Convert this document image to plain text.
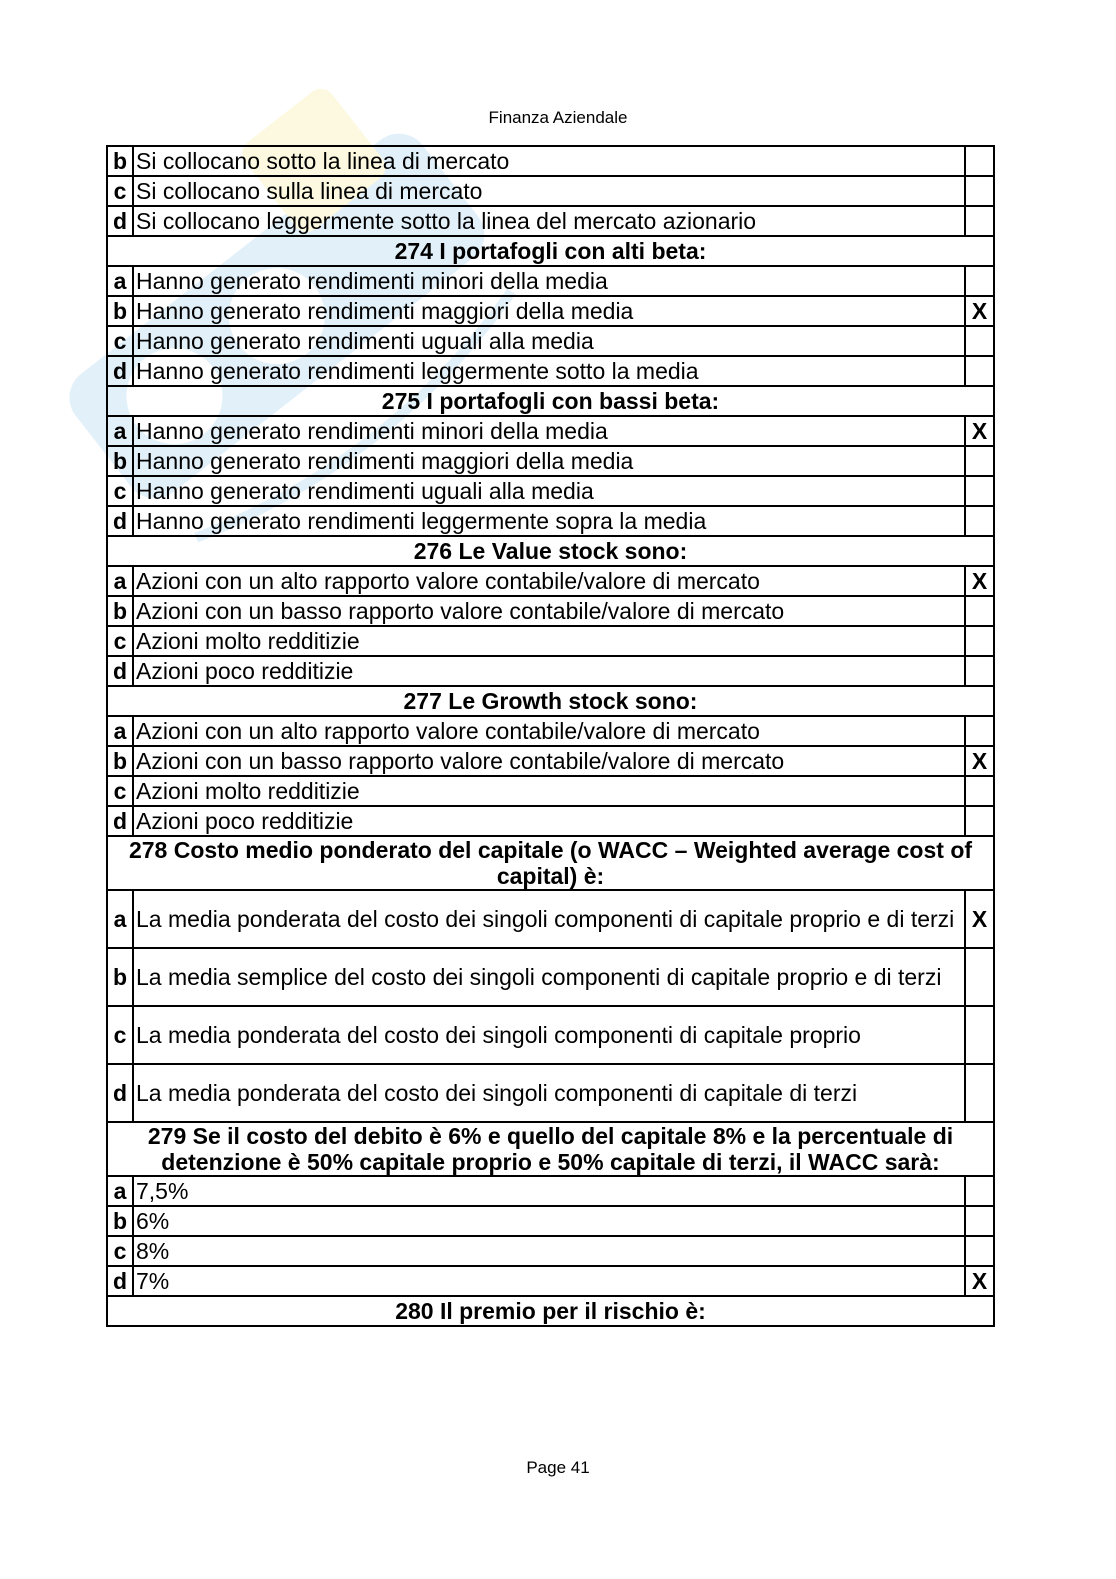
Finanza Aziendale
b	Si collocano sotto la linea di mercato	
c	Si collocano sulla linea di mercato	
d	Si collocano leggermente sotto la linea del mercato azionario	
274 I portafogli con alti beta:		
a	Hanno generato rendimenti minori della media	
b	Hanno generato rendimenti maggiori della media	X
c	Hanno generato rendimenti uguali alla media	
d	Hanno generato rendimenti leggermente sotto la media	
275 I portafogli con bassi beta:		
a	Hanno generato rendimenti minori della media	X
b	Hanno generato rendimenti maggiori della media	
c	Hanno generato rendimenti uguali alla media	
d	Hanno generato rendimenti leggermente sopra la media	
276 Le Value stock sono:		
a	Azioni con un alto rapporto valore contabile/valore di mercato	X
b	Azioni con un basso rapporto valore contabile/valore di mercato	
c	Azioni molto redditizie	
d	Azioni poco redditizie	
277 Le Growth stock sono:		
a	Azioni con un alto rapporto valore contabile/valore di mercato	
b	Azioni con un basso rapporto valore contabile/valore di mercato	X
c	Azioni molto redditizie	
d	Azioni poco redditizie	
278 Costo medio ponderato del capitale (o WACC – Weighted average cost of capital) è:		
a	La media ponderata del costo dei singoli componenti di capitale proprio e di terzi	X
b	La media semplice del costo dei singoli componenti di capitale proprio e di terzi	
c	La media ponderata del costo dei singoli componenti di capitale proprio	
d	La media ponderata del costo dei singoli componenti di capitale di terzi	
279 Se il costo del debito è 6% e quello del capitale 8% e la percentuale di detenzione è 50% capitale proprio e 50% capitale di terzi, il WACC sarà:		
a	7,5%	
b	6%	
c	8%	
d	7%	X
280 Il premio per il rischio è:		
Page 41
